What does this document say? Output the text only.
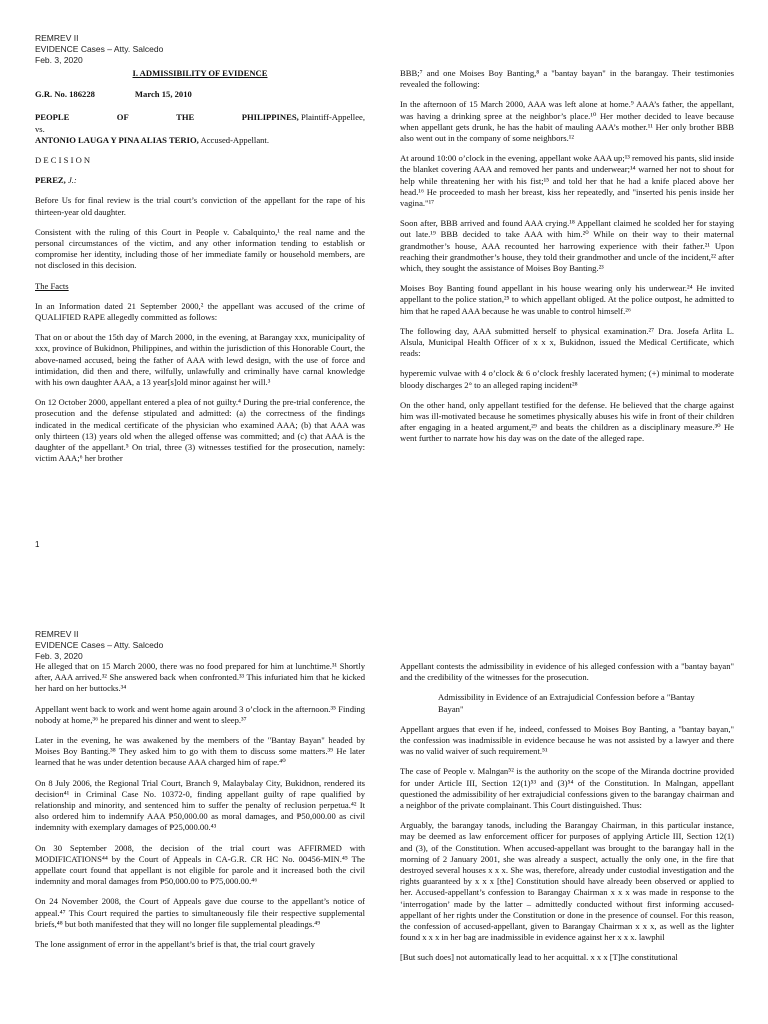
REMREV II
EVIDENCE Cases – Atty. Salcedo
Feb. 3, 2020

I. ADMISSIBILITY OF EVIDENCE

G.R. No. 186228	March 15, 2010
PEOPLE	OF	THE	PHILIPPINES, Plaintiff-Appellee,
vs.

ANTONIO LAUGA Y PINA ALIAS TERIO, Accused-Appellant.

D E C I S I O N

PEREZ, J.:

Before Us for final review is the trial court’s conviction of the appellant for the rape of his thirteen-year old daughter.

Consistent with the ruling of this Court in People v. Cabalquinto,¹ the real name and the personal circumstances of the victim, and any other information tending to establish or compromise her identity, including those of her immediate family or household members, are not disclosed in this decision.

The Facts

In an Information dated 21 September 2000,² the appellant was accused of the crime of QUALIFIED RAPE allegedly committed as follows:

That on or about the 15th day of March 2000, in the evening, at Barangay xxx, municipality of xxx, province of Bukidnon, Philippines, and within the jurisdiction of this Honorable Court, the above-named accused, being the father of AAA with lewd design, with the use of force and intimidation, did then and there, wilfully, unlawfully and criminally have carnal knowledge with his own daughter AAA, a 13 year[s]old minor against her will.³

On 12 October 2000, appellant entered a plea of not guilty.⁴ During the pre-trial conference, the prosecution and the defense stipulated and admitted: (a) the correctness of the findings indicated in the medical certificate of the physician who examined AAA; (b) that AAA was only thirteen (13) years old when the alleged offense was committed; and (c) that AAA is the daughter of the appellant.⁵ On trial, three (3) witnesses testified for the prosecution, namely: victim AAA;⁶ her brother

BBB;⁷ and one Moises Boy Banting,⁸ a "bantay bayan" in the barangay. Their testimonies revealed the following:

In the afternoon of 15 March 2000, AAA was left alone at home.⁹ AAA’s father, the appellant, was having a drinking spree at the neighbor’s place.¹⁰ Her mother decided to leave because when appellant gets drunk, he has the habit of mauling AAA’s mother.¹¹ Her only brother BBB also went out in the company of some neighbors.¹²

At around 10:00 o’clock in the evening, appellant woke AAA up;¹³ removed his pants, slid inside the blanket covering AAA and removed her pants and underwear;¹⁴ warned her not to shout for help while threatening her with his fist;¹⁵ and told her that he had a knife placed above her head.¹⁶ He proceeded to mash her breast, kiss her repeatedly, and "inserted his penis inside her vagina."¹⁷

Soon after, BBB arrived and found AAA crying.¹⁸ Appellant claimed he scolded her for staying out late.¹⁹ BBB decided to take AAA with him.²⁰ While on their way to their maternal grandmother’s house, AAA recounted her harrowing experience with their father.²¹ Upon reaching their grandmother’s house, they told their grandmother and uncle of the incident,²² after which, they sought the assistance of Moises Boy Banting.²³

Moises Boy Banting found appellant in his house wearing only his underwear.²⁴ He invited appellant to the police station,²⁵ to which appellant obliged. At the police outpost, he admitted to him that he raped AAA because he was unable to control himself.²⁶

The following day, AAA submitted herself to physical examination.²⁷ Dra. Josefa Arlita L. Alsula, Municipal Health Officer of x x x, Bukidnon, issued the Medical Certificate, which reads:

hyperemic vulvae with 4 o’clock & 6 o’clock freshly lacerated hymen; (+) minimal to moderate bloody discharges 2° to an alleged raping incident²⁸

On the other hand, only appellant testified for the defense. He believed that the charge against him was ill-motivated because he sometimes physically abuses his wife in front of their children after engaging in a heated argument,²⁹ and beats the children as a disciplinary measure.³⁰ He went further to narrate how his day was on the date of the alleged rape.

1
REMREV II
EVIDENCE Cases – Atty. Salcedo
Feb. 3, 2020

He alleged that on 15 March 2000, there was no food prepared for him at lunchtime.³¹ Shortly after, AAA arrived.³² She answered back when confronted.³³ This infuriated him that he kicked her hard on her buttocks.³⁴

Appellant went back to work and went home again around 3 o’clock in the afternoon.³⁵ Finding nobody at home,³⁶ he prepared his dinner and went to sleep.³⁷

Later in the evening, he was awakened by the members of the "Bantay Bayan" headed by Moises Boy Banting.³⁸ They asked him to go with them to discuss some matters.³⁹ He later learned that he was under detention because AAA charged him of rape.⁴⁰

On 8 July 2006, the Regional Trial Court, Branch 9, Malaybalay City, Bukidnon, rendered its decision⁴¹ in Criminal Case No. 10372-0, finding appellant guilty of rape qualified by relationship and minority, and sentenced him to suffer the penalty of reclusion perpetua.⁴² It also ordered him to indemnify AAA ₱50,000.00 as moral damages, and ₱50,000.00 as civil indemnity with exemplary damages of ₱25,000.00.⁴³

On 30 September 2008, the decision of the trial court was AFFIRMED with MODIFICATIONS⁴⁴ by the Court of Appeals in CA-G.R. CR HC No. 00456-MIN.⁴⁵ The appellate court found that appellant is not eligible for parole and it increased both the civil indemnity and moral damages from ₱50,000.00 to ₱75,000.00.⁴⁶

On 24 November 2008, the Court of Appeals gave due course to the appellant’s notice of appeal.⁴⁷ This Court required the parties to simultaneously file their respective supplemental briefs,⁴⁸ but both manifested that they will no longer file supplemental pleadings.⁴⁹

The lone assignment of error in the appellant’s brief is that, the trial court gravely

Appellant contests the admissibility in evidence of his alleged confession with a "bantay bayan" and the credibility of the witnesses for the prosecution.

Admissibility in Evidence of an Extrajudicial Confession before a "Bantay Bayan"

Appellant argues that even if he, indeed, confessed to Moises Boy Banting, a "bantay bayan," the confession was inadmissible in evidence because he was not assisted by a lawyer and there was no valid waiver of such requirement.⁵¹

The case of People v. Malngan⁵² is the authority on the scope of the Miranda doctrine provided for under Article III, Section 12(1)⁵³ and (3)⁵⁴ of the Constitution. In Malngan, appellant questioned the admissibility of her extrajudicial confessions given to the barangay chairman and a neighbor of the private complainant. This Court distinguished. Thus:

Arguably, the barangay tanods, including the Barangay Chairman, in this particular instance, may be deemed as law enforcement officer for purposes of applying Article III, Section 12(1) and (3), of the Constitution. When accused-appellant was brought to the barangay hall in the morning of 2 January 2001, she was already a suspect, actually the only one, in the fire that destroyed several houses x x x. She was, therefore, already under custodial investigation and the rights guaranteed by x x x [the] Constitution should have already been observed or applied to her. Accused-appellant’s confession to Barangay Chairman x x x was made in response to the ‘interrogation’ made by the latter – admittedly conducted without first informing accused-appellant of her rights under the Constitution or done in the presence of counsel. For this reason, the confession of accused-appellant, given to Barangay Chairman x x x, as well as the lighter found x x x in her bag are inadmissible in evidence against her x x x. lawphil

[But such does] not automatically lead to her acquittal. x x x [T]he constitutional
